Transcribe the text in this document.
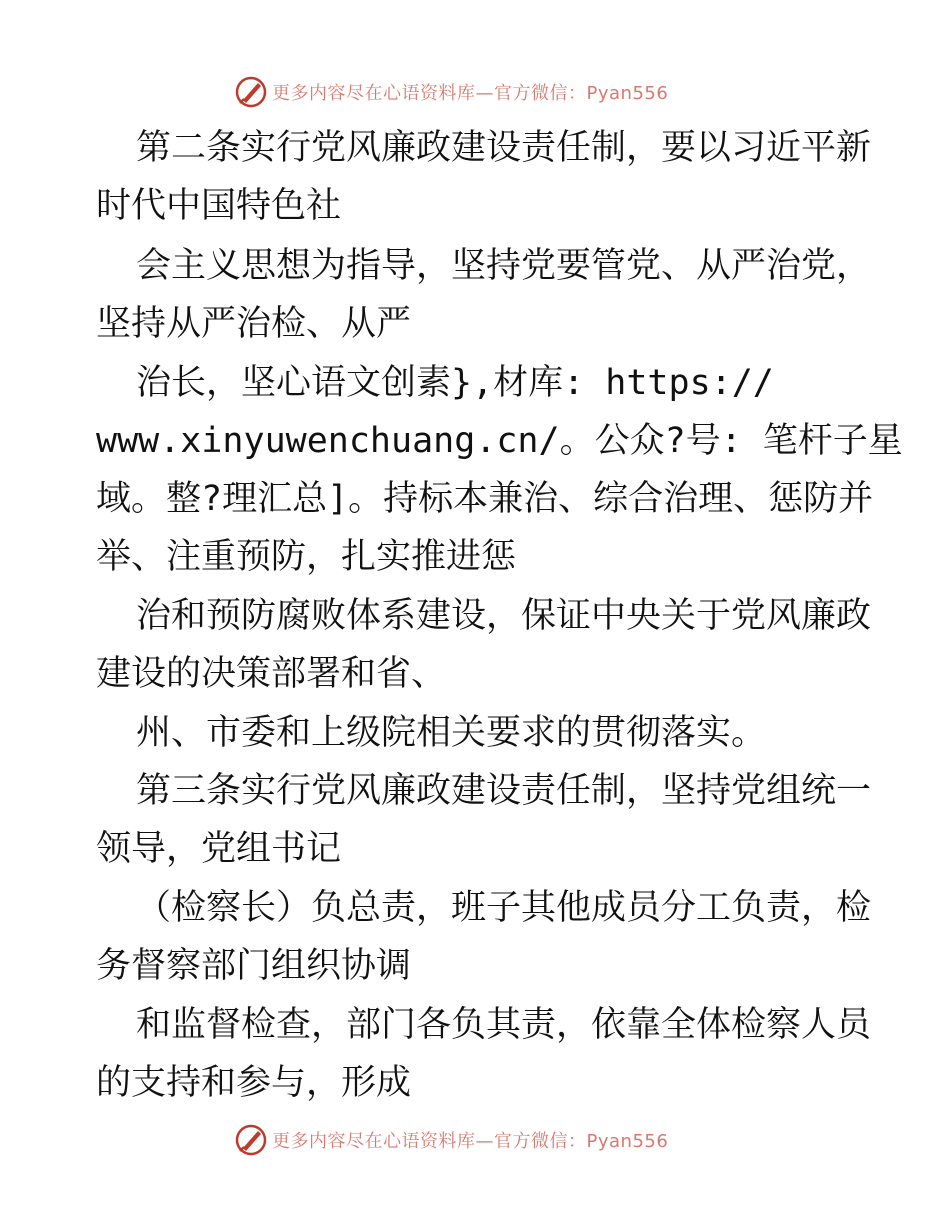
更多内容尽在心语资料库—官方微信：Pyan556
第二条实行党风廉政建设责任制，要以习近平新
时代中国特色社
会主义思想为指导，坚持党要管党、从严治党，
坚持从严治检、从严
治长，坚心语文创素},材库: https://
www.xinyuwenchuang.cn/。公众?号: 笔杆子星
域。整?理汇总]。持标本兼治、综合治理、惩防并
举、注重预防，扎实推进惩
治和预防腐败体系建设，保证中央关于党风廉政
建设的决策部署和省、
州、市委和上级院相关要求的贯彻落实。
第三条实行党风廉政建设责任制，坚持党组统一
领导，党组书记
（检察长）负总责，班子其他成员分工负责，检
务督察部门组织协调
和监督检查，部门各负其责，依靠全体检察人员
的支持和参与，形成
更多内容尽在心语资料库—官方微信：Pyan556
